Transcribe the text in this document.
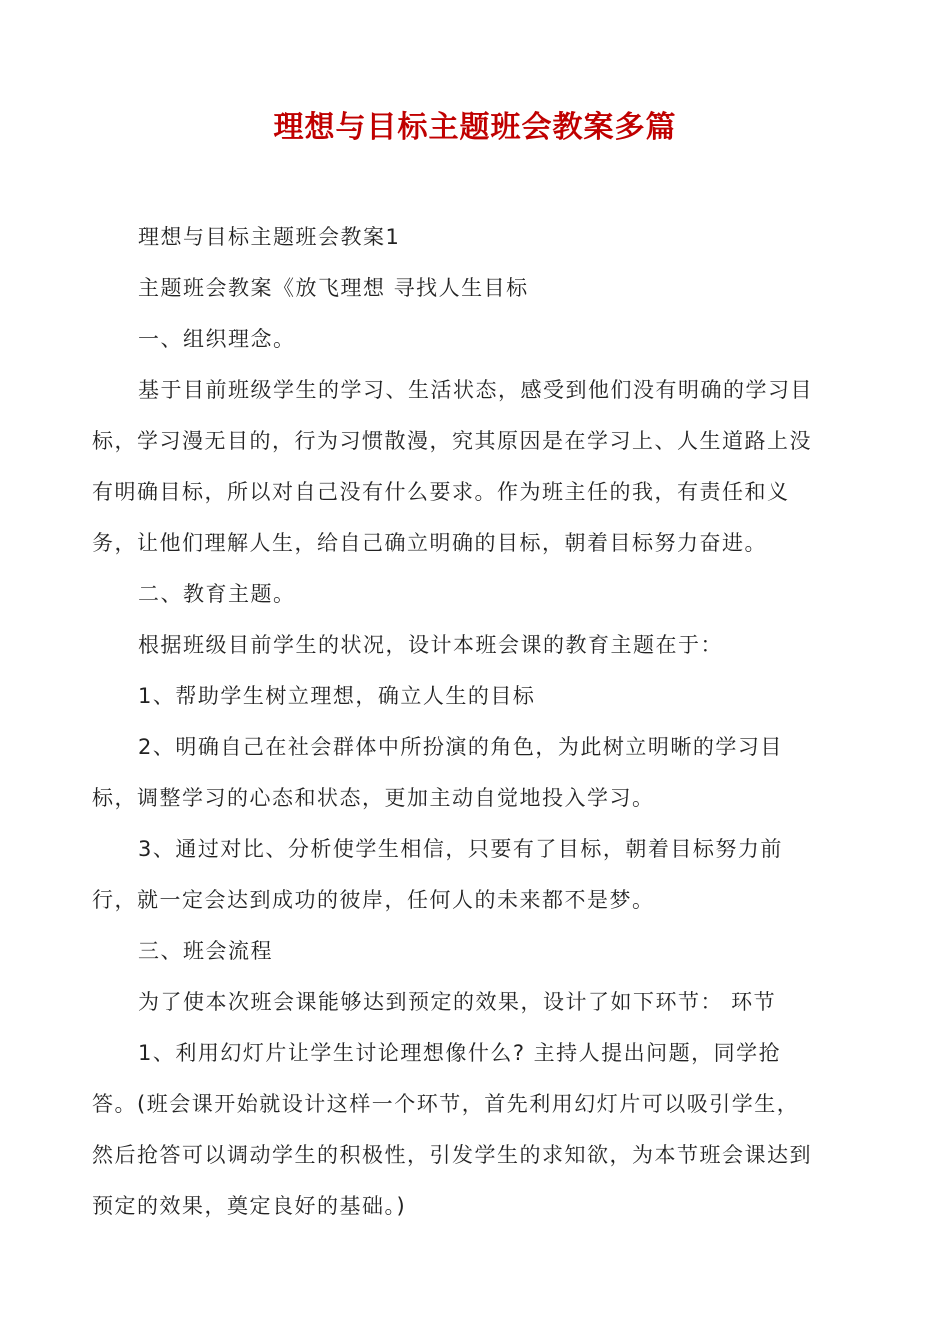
理想与目标主题班会教案多篇

理想与目标主题班会教案1

主题班会教案《放飞理想 寻找人生目标

一、组织理念。

基于目前班级学生的学习、生活状态，感受到他们没有明确的学习目

标，学习漫无目的，行为习惯散漫，究其原因是在学习上、人生道路上没

有明确目标，所以对自己没有什么要求。作为班主任的我，有责任和义

务，让他们理解人生，给自己确立明确的目标，朝着目标努力奋进。

二、教育主题。

根据班级目前学生的状况，设计本班会课的教育主题在于：

1、帮助学生树立理想，确立人生的目标

2、明确自己在社会群体中所扮演的角色，为此树立明晰的学习目

标，调整学习的心态和状态，更加主动自觉地投入学习。

3、通过对比、分析使学生相信，只要有了目标，朝着目标努力前

行，就一定会达到成功的彼岸，任何人的未来都不是梦。

三、班会流程

为了使本次班会课能够达到预定的效果，设计了如下环节： 环节

1、利用幻灯片让学生讨论理想像什么? 主持人提出问题，同学抢

答。(班会课开始就设计这样一个环节，首先利用幻灯片可以吸引学生，

然后抢答可以调动学生的积极性，引发学生的求知欲，为本节班会课达到

预定的效果，奠定良好的基础。)
